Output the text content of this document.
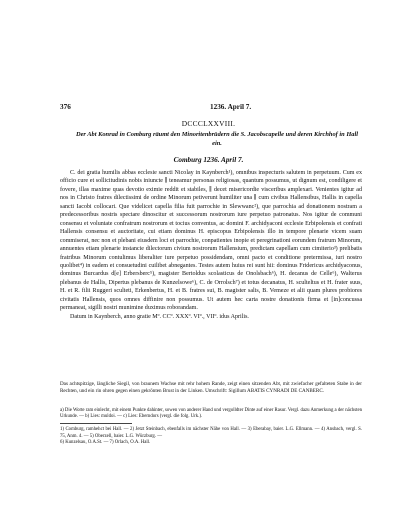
376	1236. April 7.
DCCCLXXVIII.
Der Abt Konrad in Comburg räumt den Minoritenbrüdern die S. Jacobscapelle und deren Kirchhof in Hall ein.
Comburg 1236. April 7.

C. dei gratia humilis abbas ecclesie sancti Nicolay in Kaynberch¹), omnibus inspecturis salutem in perpetuum. Cum ex officio cure et sollicitudinis nobis iniuncte ∥ teneamur personas religiosas, quantum possumus, ut dignum est, condiligere et fovere, illas maxime quas devotio eximie reddit et stabiles, ∥ decet misericordie visceribus amplexari. Venientes igitur ad nos in Christo fratres dilectissimi de ordine Minorum petiverunt humiliter una ∥ cum civibus Hallensibus, Hallis in capella sancti Iacobi collocari. Que videlicet capella filia fuit parrochie in Slewwanc²), que parrochia ad donationem nostram a predecessoribus nostris spectare dinoscitur et successorum nostrorum iure perpetuo patronatus. Nos igitur de communi consensu et voluntate confratrum nostrorum et tocius conventus, ac domini F. archidyaconi ecclesie Erbipolensis et confrati Hallensis consensu et auctoritate, cui etiam dominus H. episcopus Erbipolensis illo in tempore plenarie vicem suam commiserat, nec non et plebani eiusdem loci et parrochie, conpatientes inopie et peregrinationi eorundem fratrum Minorum, annuentes etiam plenarie instancie dilectorum civium nostrorum Hallensium, predictam capellam cum cimiterio³) prelibatis fratribus Minorum contulimus liberaliter iure perpetuo possidendam, omni pacto et conditione pretermissa, iuri nostro quolibet⁴) in eadem et consuetudini cuilibet abnegantes. Testes autem huius rei sunt hii: dominus Fridericus archidyaconus, dominus Burcardus d[e] Erbersberc⁵), magister Bertoldus scolasticus de Onolsbach⁶), H. decanus de Celle⁶), Walterus plebanus de Hallis, Dipertus plebanus de Kunzelsowe⁶), C. de Orrolsch⁷) et totus decanatus, H. sculteltus et H. frater suus, H. et R. filii Ruggeri sculteti, Erkenbertus, H. et B. fratres sui, B. magister salis, B. Vemeze et alii quam plures probiores civitatis Hallensis, quos omnes diffinire non possumus. Ut autem hec carta nostre donationis firma et [in]concussa permaneat, sigilli nostri munimine duximus roborandam.

Datum in Kaynberch, anno gratie Mº. CCº. XXXº. VIº., VIIº. idus Aprilis.

Das achtspitzige, längliche Siegil, von braunem Wachse mit rehr hohem Rande, zeigt einen sitzenden Abt, mit zwiefacher gefalteten Stabe in der Rechten, und ein rin ohren gegen einen gekrönten Brust in der Linken. Umschrift: Sigillum ABATIS CYNRADI DE CANBERC.
a) Die Worte ram einlecht, mit einem Punkte dahinter, sowen von anderer Hand und vergolldter Dinte auf einer Rasur. Vergl. dazu Anmerkung a der nächsten Urkunde. — b) Lies: muldoi. — c) Lies: Eberndors (vergl. die folg. Urk.).
1) Comburg, ramhehct bei Hall. — 2) Jetzt Steinbach, ebenfalls im nächster Nähe von Hall. — 3) Eberabay, baier. L.G. Ellmann. — 4) Ansbach, vergl. S. 75, Anm. 4. — 5) Oberzell, baier. L.G. Würzburg. —
6) Kunzelsau, O.A.St. — 7) Orlach, O.A. Hall.
